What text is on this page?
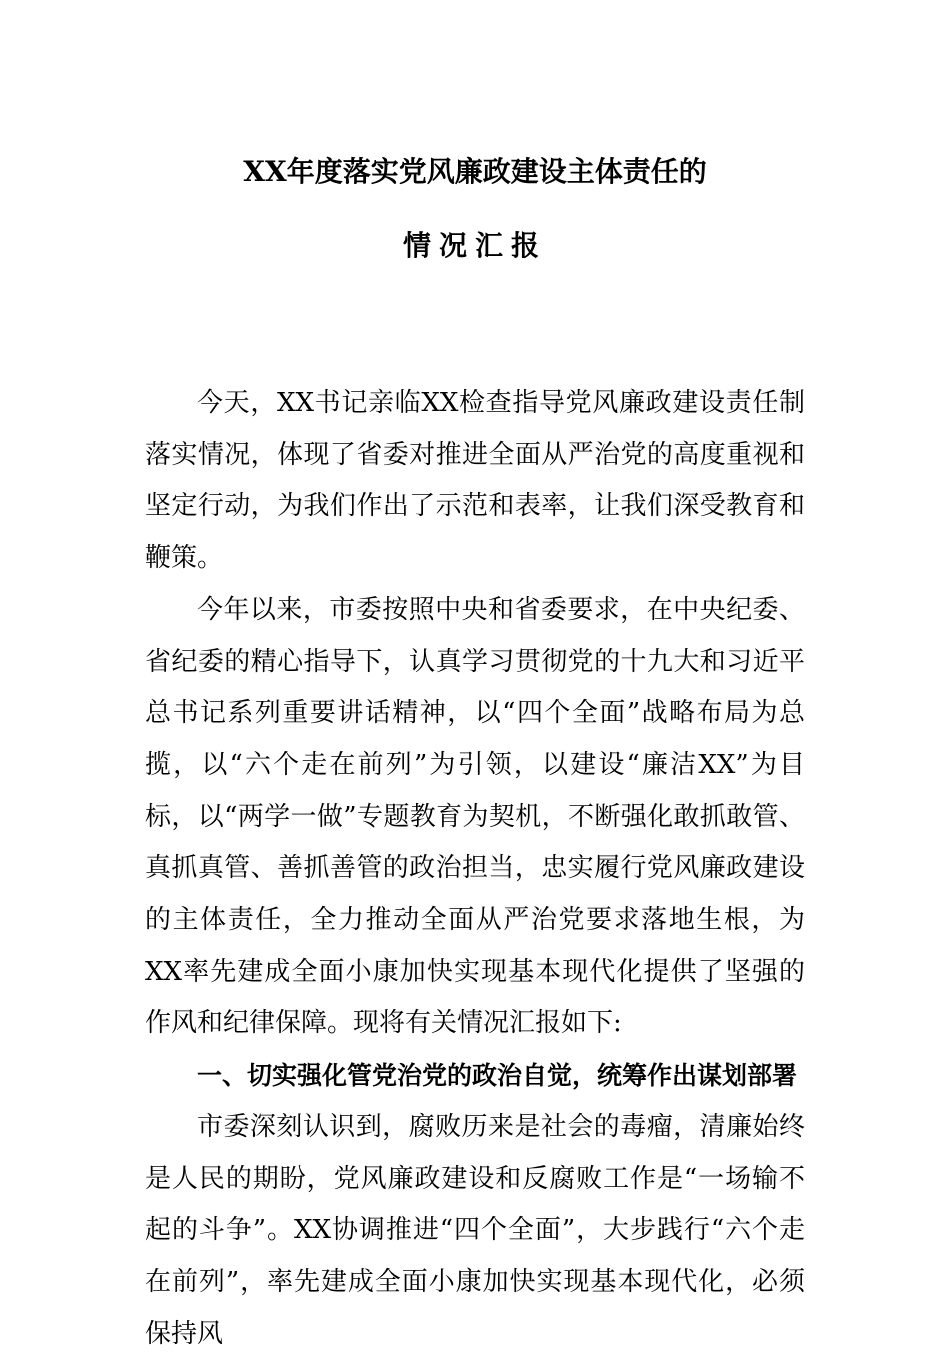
XX年度落实党风廉政建设主体责任的
情况汇报

今天，XX书记亲临XX检查指导党风廉政建设责任制落实情况，体现了省委对推进全面从严治党的高度重视和坚定行动，为我们作出了示范和表率，让我们深受教育和鞭策。

今年以来，市委按照中央和省委要求，在中央纪委、省纪委的精心指导下，认真学习贯彻党的十九大和习近平总书记系列重要讲话精神，以“四个全面”战略布局为总揽，以“六个走在前列”为引领，以建设“廉洁XX”为目标，以“两学一做”专题教育为契机，不断强化敢抓敢管、真抓真管、善抓善管的政治担当，忠实履行党风廉政建设的主体责任，全力推动全面从严治党要求落地生根，为XX率先建成全面小康加快实现基本现代化提供了坚强的作风和纪律保障。现将有关情况汇报如下:

一、切实强化管党治党的政治自觉，统筹作出谋划部署

市委深刻认识到，腐败历来是社会的毒瘤，清廉始终是人民的期盼，党风廉政建设和反腐败工作是“一场输不起的斗争”。XX协调推进“四个全面”，大步践行“六个走在前列”，率先建成全面小康加快实现基本现代化，必须保持风
